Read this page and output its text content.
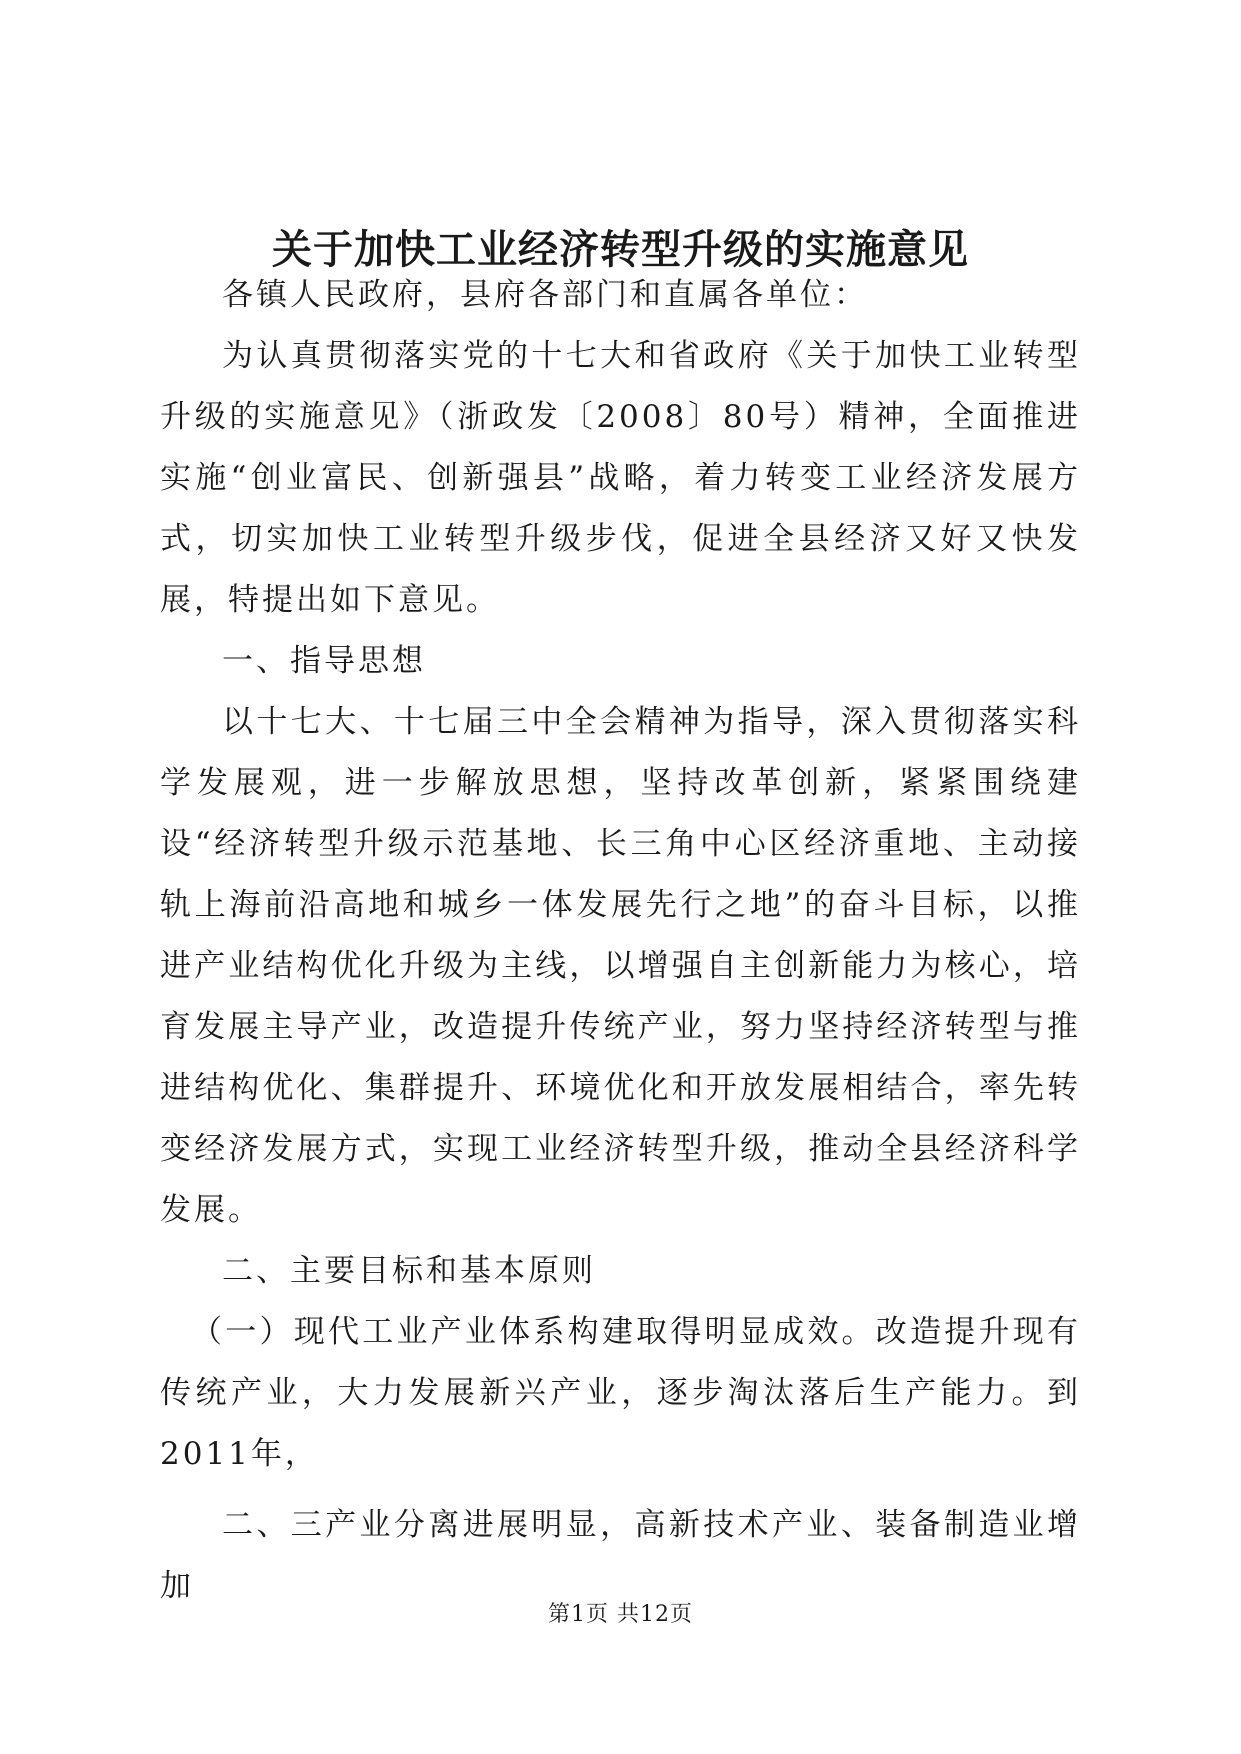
关于加快工业经济转型升级的实施意见

各镇人民政府，县府各部门和直属各单位：

为认真贯彻落实党的十七大和省政府《关于加快工业转型升级的实施意见》（浙政发〔2008〕80号）精神，全面推进实施“创业富民、创新强县”战略，着力转变工业经济发展方式，切实加快工业转型升级步伐，促进全县经济又好又快发展，特提出如下意见。

一、指导思想

以十七大、十七届三中全会精神为指导，深入贯彻落实科学发展观，进一步解放思想，坚持改革创新，紧紧围绕建设“经济转型升级示范基地、长三角中心区经济重地、主动接轨上海前沿高地和城乡一体发展先行之地”的奋斗目标，以推进产业结构优化升级为主线，以增强自主创新能力为核心，培育发展主导产业，改造提升传统产业，努力坚持经济转型与推进结构优化、集群提升、环境优化和开放发展相结合，率先转变经济发展方式，实现工业经济转型升级，推动全县经济科学发展。

二、主要目标和基本原则

（一）现代工业产业体系构建取得明显成效。改造提升现有传统产业，大力发展新兴产业，逐步淘汰落后生产能力。到2011年，

二、三产业分离进展明显，高新技术产业、装备制造业增加

第1页 共12页
